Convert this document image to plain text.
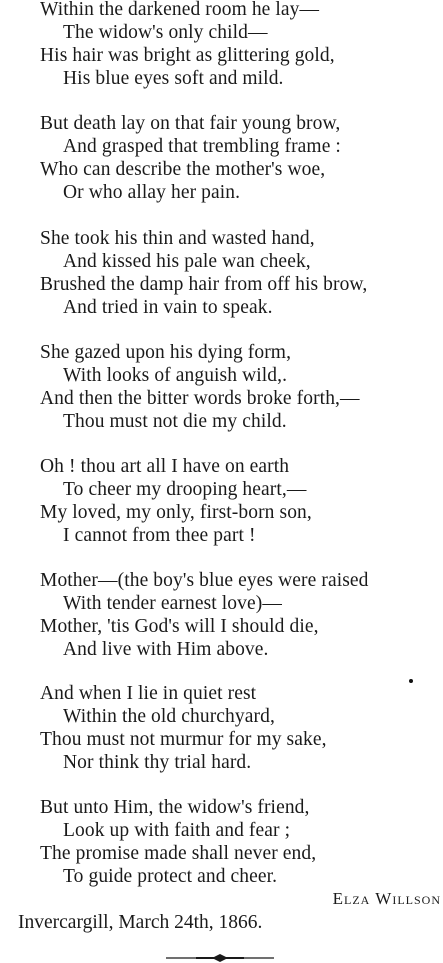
Within the darkened room he lay—
The widow's only child—
His hair was bright as glittering gold,
His blue eyes soft and mild.
But death lay on that fair young brow,
And grasped that trembling frame :
Who can describe the mother's woe,
Or who allay her pain.
She took his thin and wasted hand,
And kissed his pale wan cheek,
Brushed the damp hair from off his brow,
And tried in vain to speak.
She gazed upon his dying form,
With looks of anguish wild,.
And then the bitter words broke forth,—
Thou must not die my child.
Oh ! thou art all I have on earth
To cheer my drooping heart,—
My loved, my only, first-born son,
I cannot from thee part !
Mother—(the boy's blue eyes were raised
With tender earnest love)—
Mother, 'tis God's will I should die,
And live with Him above.
And when I lie in quiet rest
Within the old churchyard,
Thou must not murmur for my sake,
Nor think thy trial hard.
But unto Him, the widow's friend,
Look up with faith and fear ;
The promise made shall never end,
To guide protect and cheer.
Elza Willson
Invercargill, March 24th, 1866.
